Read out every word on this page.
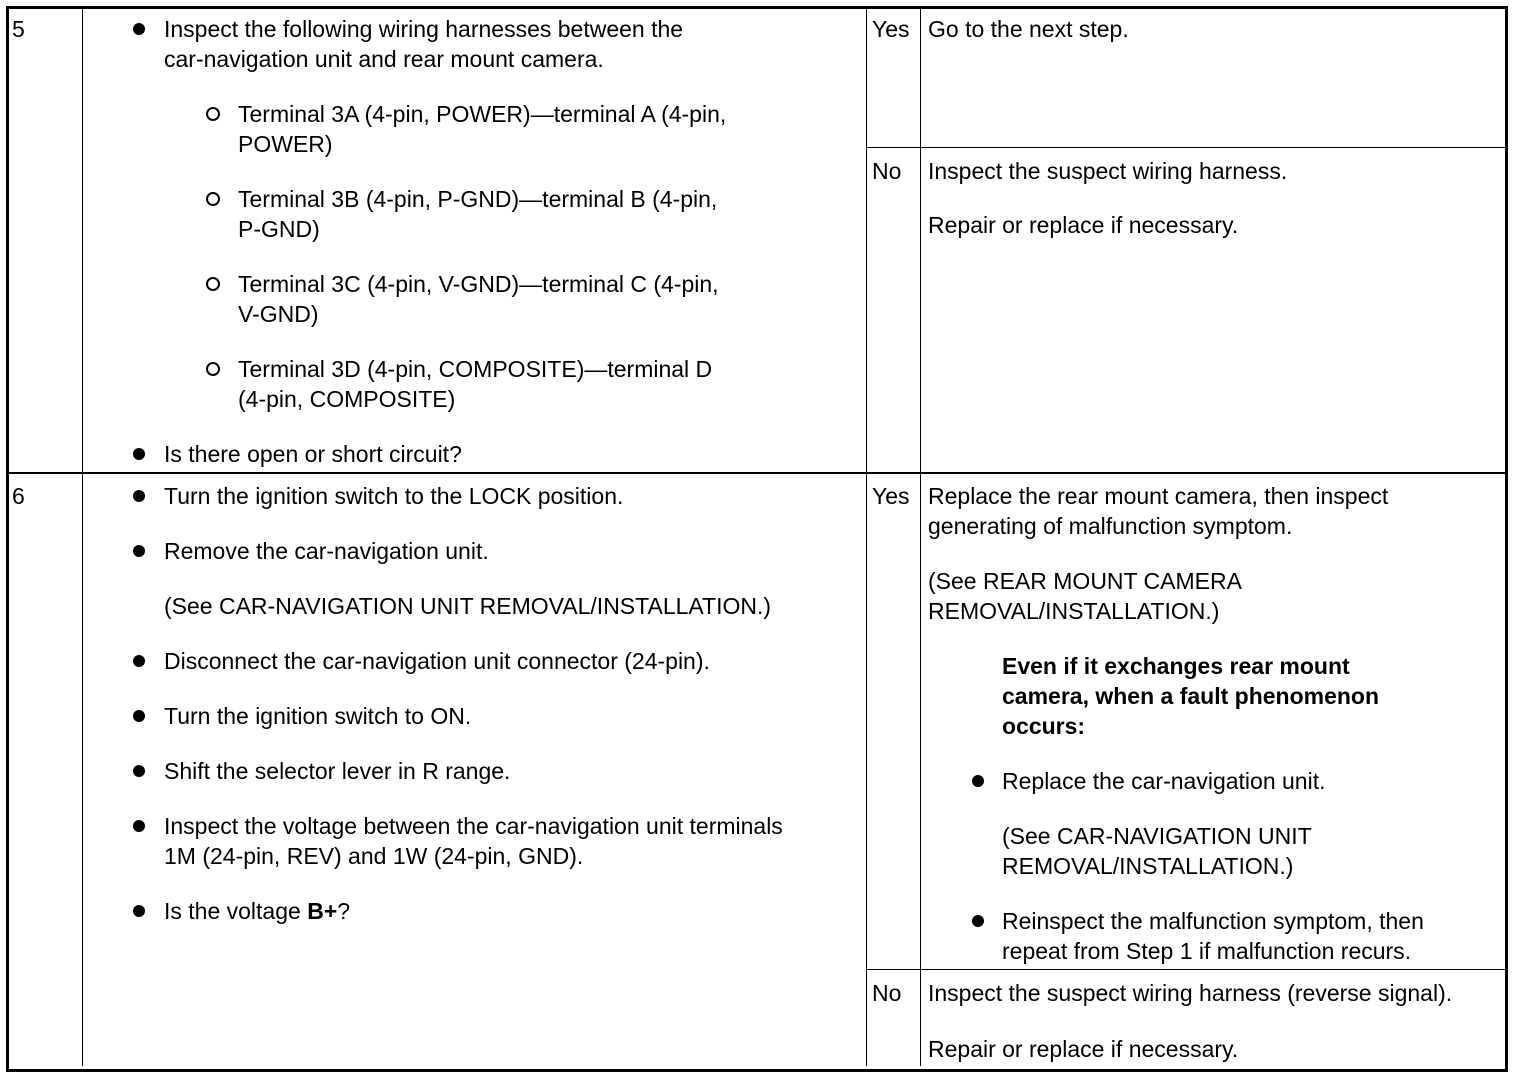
5	Inspect the following wiring harnesses between the
car-navigation unit and rear mount camera.
Terminal 3A (4-pin, POWER)—terminal A (4-pin,
POWER)
Terminal 3B (4-pin, P-GND)—terminal B (4-pin,
P-GND)
Terminal 3C (4-pin, V-GND)—terminal C (4-pin,
V-GND)
Terminal 3D (4-pin, COMPOSITE)—terminal D
(4-pin, COMPOSITE)
Is there open or short circuit?
Yes Go to the next step.
No Inspect the suspect wiring harness.
Repair or replace if necessary.
6	Turn the ignition switch to the LOCK position.
Remove the car-navigation unit.
(See CAR-NAVIGATION UNIT REMOVAL/INSTALLATION.)
Disconnect the car-navigation unit connector (24-pin).
Turn the ignition switch to ON.
Shift the selector lever in R range.
Inspect the voltage between the car-navigation unit terminals
1M (24-pin, REV) and 1W (24-pin, GND).
Is the voltage B+?
Yes Replace the rear mount camera, then inspect
generating of malfunction symptom.
(See REAR MOUNT CAMERA
REMOVAL/INSTALLATION.)
Even if it exchanges rear mount
camera, when a fault phenomenon
occurs:
Replace the car-navigation unit.
(See CAR-NAVIGATION UNIT
REMOVAL/INSTALLATION.)
Reinspect the malfunction symptom, then
repeat from Step 1 if malfunction recurs.
No Inspect the suspect wiring harness (reverse signal).
Repair or replace if necessary.
